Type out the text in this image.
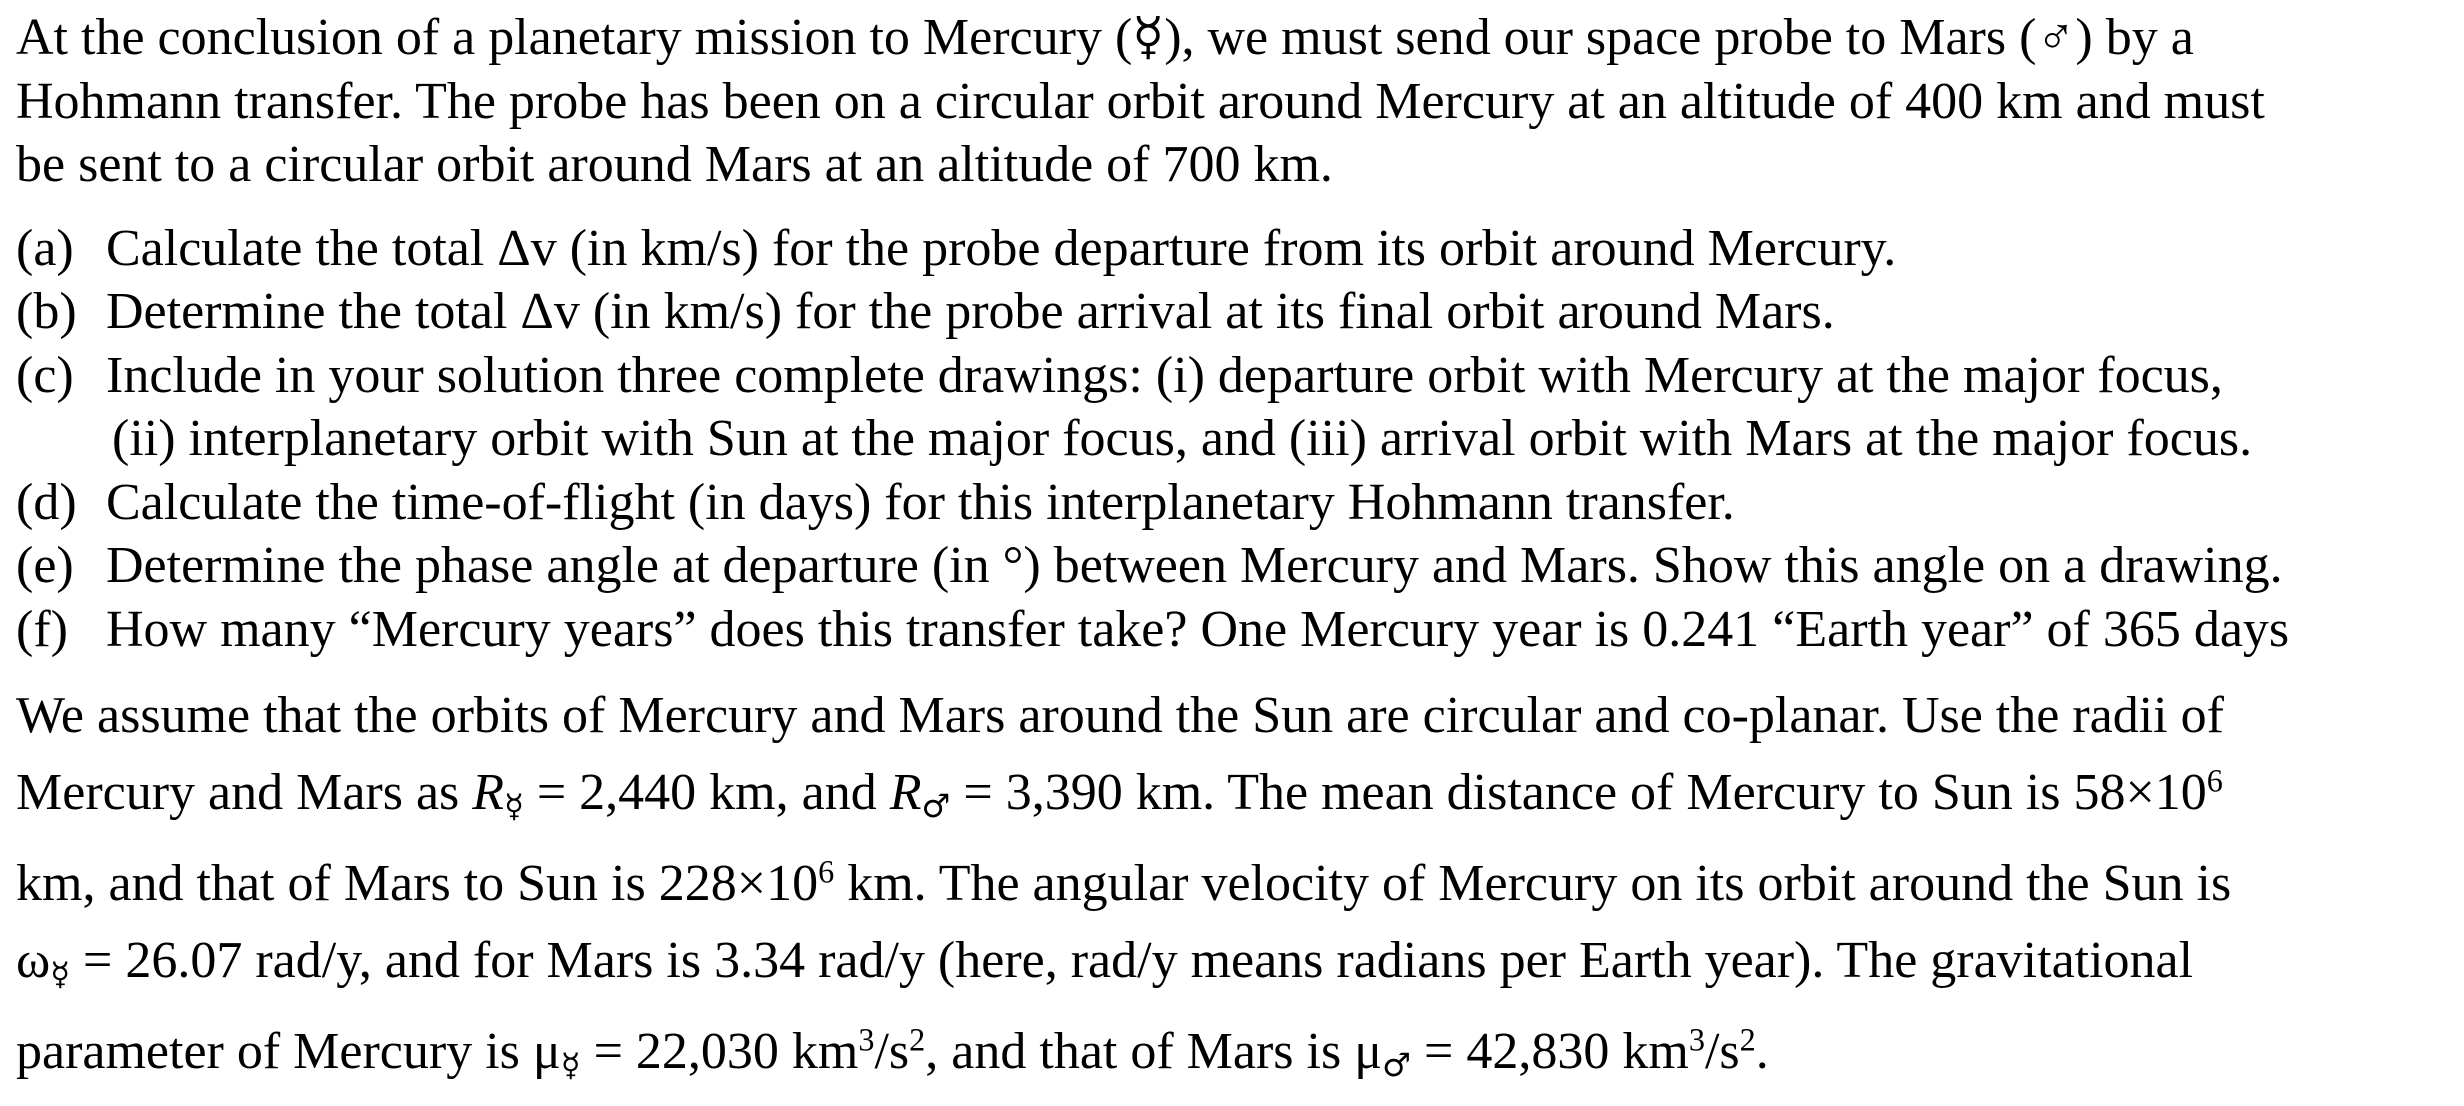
At the conclusion of a planetary mission to Mercury (☿), we must send our space probe to Mars (♂) by a
Hohmann transfer. The probe has been on a circular orbit around Mercury at an altitude of 400 km and must
be sent to a circular orbit around Mars at an altitude of 700 km.

(a) Calculate the total Δv (in km/s) for the probe departure from its orbit around Mercury.
(b) Determine the total Δv (in km/s) for the probe arrival at its final orbit around Mars.
(c) Include in your solution three complete drawings: (i) departure orbit with Mercury at the major focus,
(ii) interplanetary orbit with Sun at the major focus, and (iii) arrival orbit with Mars at the major focus.
(d) Calculate the time-of-flight (in days) for this interplanetary Hohmann transfer.
(e) Determine the phase angle at departure (in °) between Mercury and Mars. Show this angle on a drawing.
(f) How many “Mercury years” does this transfer take? One Mercury year is 0.241 “Earth year” of 365 days
We assume that the orbits of Mercury and Mars around the Sun are circular and co-planar. Use the radii of
Mercury and Mars as $R_☿ = 2,440$ km, and $R_♂ = 3,390$ km. The mean distance of Mercury to Sun is $58\times 10^6$
km, and that of Mars to Sun is $228\times 10^6$ km. The angular velocity of Mercury on its orbit around the Sun is
$\omega_☿ = 26.07$ rad/y, and for Mars is 3.34 rad/y (here, rad/y means radians per Earth year). The gravitational
parameter of Mercury is $\mu_☿ = 22,030$ $km^3/s^2$, and that of Mars is $\mu_♂ = 42,830$ $km^3/s^2$.
